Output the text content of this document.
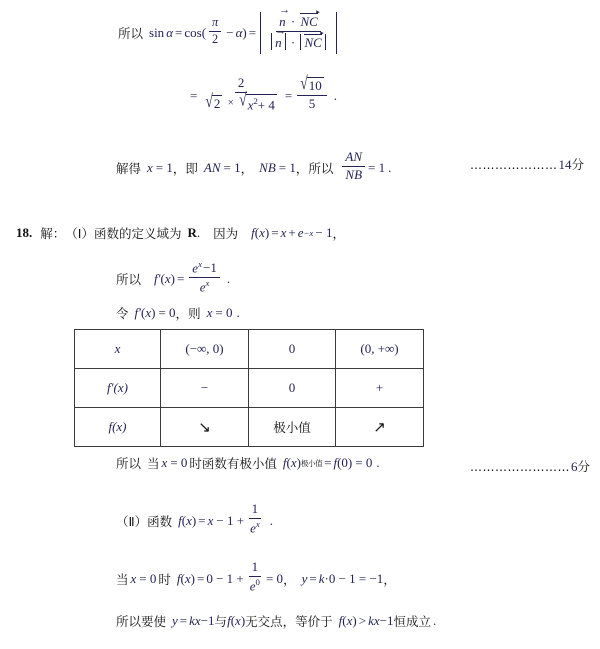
所以 sin α = cos ( $\frac{\pi}{2} - \alpha$ ) = $\frac{n \to \cdot NC ▸}{n \to \cdot NC}$ ▸
= $\frac{2}{√ 2 \times √ x^2+ 4} = \frac{√ 10}{5}$ .
解得 x = 1 ， 即 AN = 1 ， NB = 1 ， 所以 $\frac{AN}{NB} = 1$ .	………………… 14 分
18. 解： （Ⅰ） 函数的定义域为 R . 因为 f ( x ) = x + e −x − 1 ，
所以 f ′ ( x ) = $\frac{e^x-1}{e^x}$ .
令 f ′ ( x ) = 0 ， 则 x = 0 .
x	(−∞, 0)	0	(0, +∞)
f′(x)	−	0	+
f(x)	↘	极小值	↗
所以 当 x = 0 时函数有极小值 f ( x ) 极小值 = f ( 0 ) = 0 .	…………………… 6 分
（Ⅱ） 函数 f ( x ) = $x - 1 + \frac{1}{e^x}$ .
当 x = 0 时 f ( x ) = $0 - 1 + \frac{1}{e^0} = 0$ ， y = k ·0 − 1 = −1 ，
所以要使 y = k x −1 与 f ( x ) 无交点，等价于 f ( x ) > k x −1 恒成立 .
